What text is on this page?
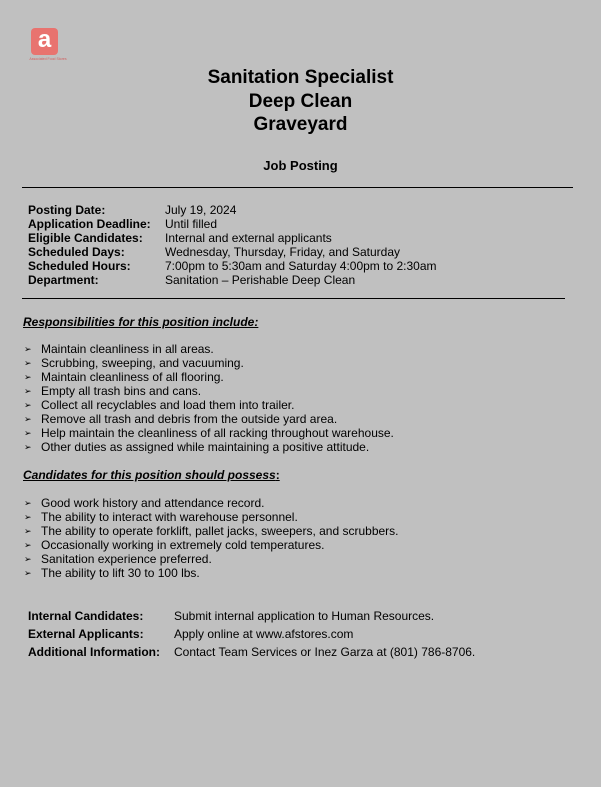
a
Associated Food Stores
Sanitation Specialist
Deep Clean
Graveyard
Job Posting
Posting Date:	July 19, 2024
Application Deadline:	Until filled
Eligible Candidates:	Internal and external applicants
Scheduled Days:	Wednesday, Thursday, Friday, and Saturday
Scheduled Hours:	7:00pm to 5:30am and Saturday 4:00pm to 2:30am
Department:	Sanitation – Perishable Deep Clean
Responsibilities for this position include:
➢ Maintain cleanliness in all areas.
➢ Scrubbing, sweeping, and vacuuming.
➢ Maintain cleanliness of all flooring.
➢ Empty all trash bins and cans.
➢ Collect all recyclables and load them into trailer.
➢ Remove all trash and debris from the outside yard area.
➢ Help maintain the cleanliness of all racking throughout warehouse.
➢ Other duties as assigned while maintaining a positive attitude.
Candidates for this position should possess:
➢ Good work history and attendance record.
➢ The ability to interact with warehouse personnel.
➢ The ability to operate forklift, pallet jacks, sweepers, and scrubbers.
➢ Occasionally working in extremely cold temperatures.
➢ Sanitation experience preferred.
➢ The ability to lift 30 to 100 lbs.
Internal Candidates:	Submit internal application to Human Resources.
External Applicants:	Apply online at www.afstores.com
Additional Information:	Contact Team Services or Inez Garza at (801) 786-8706.
